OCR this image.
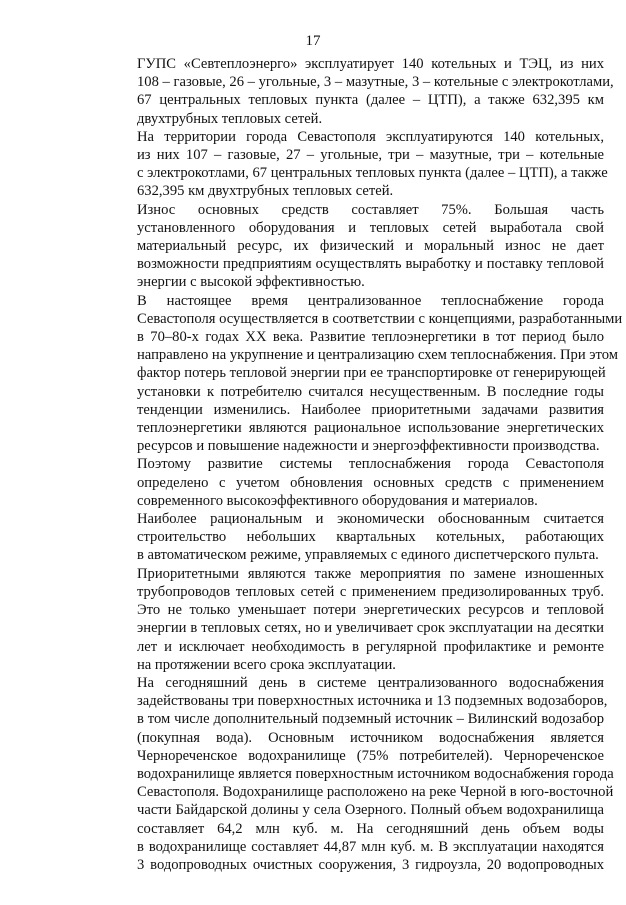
17
ГУПС «Севтеплоэнерго» эксплуатирует 140 котельных и ТЭЦ, из них
108 – газовые, 26 – угольные, 3 – мазутные, 3 – котельные с электрокотлами,
67 центральных тепловых пункта (далее – ЦТП), а также 632,395 км
двухтрубных тепловых сетей.
На территории города Севастополя эксплуатируются 140 котельных,
из них 107 – газовые, 27 – угольные, три – мазутные, три – котельные
с электрокотлами, 67 центральных тепловых пункта (далее – ЦТП), а также
632,395 км двухтрубных тепловых сетей.
Износ основных средств составляет 75%. Большая часть
установленного оборудования и тепловых сетей выработала свой
материальный ресурс, их физический и моральный износ не дает
возможности предприятиям осуществлять выработку и поставку тепловой
энергии с высокой эффективностью.
В настоящее время централизованное теплоснабжение города
Севастополя осуществляется в соответствии с концепциями, разработанными
в 70–80-х годах XX века. Развитие теплоэнергетики в тот период было
направлено на укрупнение и централизацию схем теплоснабжения. При этом
фактор потерь тепловой энергии при ее транспортировке от генерирующей
установки к потребителю считался несущественным. В последние годы
тенденции изменились. Наиболее приоритетными задачами развития
теплоэнергетики являются рациональное использование энергетических
ресурсов и повышение надежности и энергоэффективности производства.
Поэтому развитие системы теплоснабжения города Севастополя
определено с учетом обновления основных средств с применением
современного высокоэффективного оборудования и материалов.
Наиболее рациональным и экономически обоснованным считается
строительство небольших квартальных котельных, работающих
в автоматическом режиме, управляемых с единого диспетчерского пульта.
Приоритетными являются также мероприятия по замене изношенных
трубопроводов тепловых сетей с применением предизолированных труб.
Это не только уменьшает потери энергетических ресурсов и тепловой
энергии в тепловых сетях, но и увеличивает срок эксплуатации на десятки
лет и исключает необходимость в регулярной профилактике и ремонте
на протяжении всего срока эксплуатации.
На сегодняшний день в системе централизованного водоснабжения
задействованы три поверхностных источника и 13 подземных водозаборов,
в том числе дополнительный подземный источник – Вилинский водозабор
(покупная вода). Основным источником водоснабжения является
Чернореченское водохранилище (75% потребителей). Чернореченское
водохранилище является поверхностным источником водоснабжения города
Севастополя. Водохранилище расположено на реке Черной в юго-восточной
части Байдарской долины у села Озерного. Полный объем водохранилища
составляет 64,2 млн куб. м. На сегодняшний день объем воды
в водохранилище составляет 44,87 млн куб. м. В эксплуатации находятся
3 водопроводных очистных сооружения, 3 гидроузла, 20 водопроводных
